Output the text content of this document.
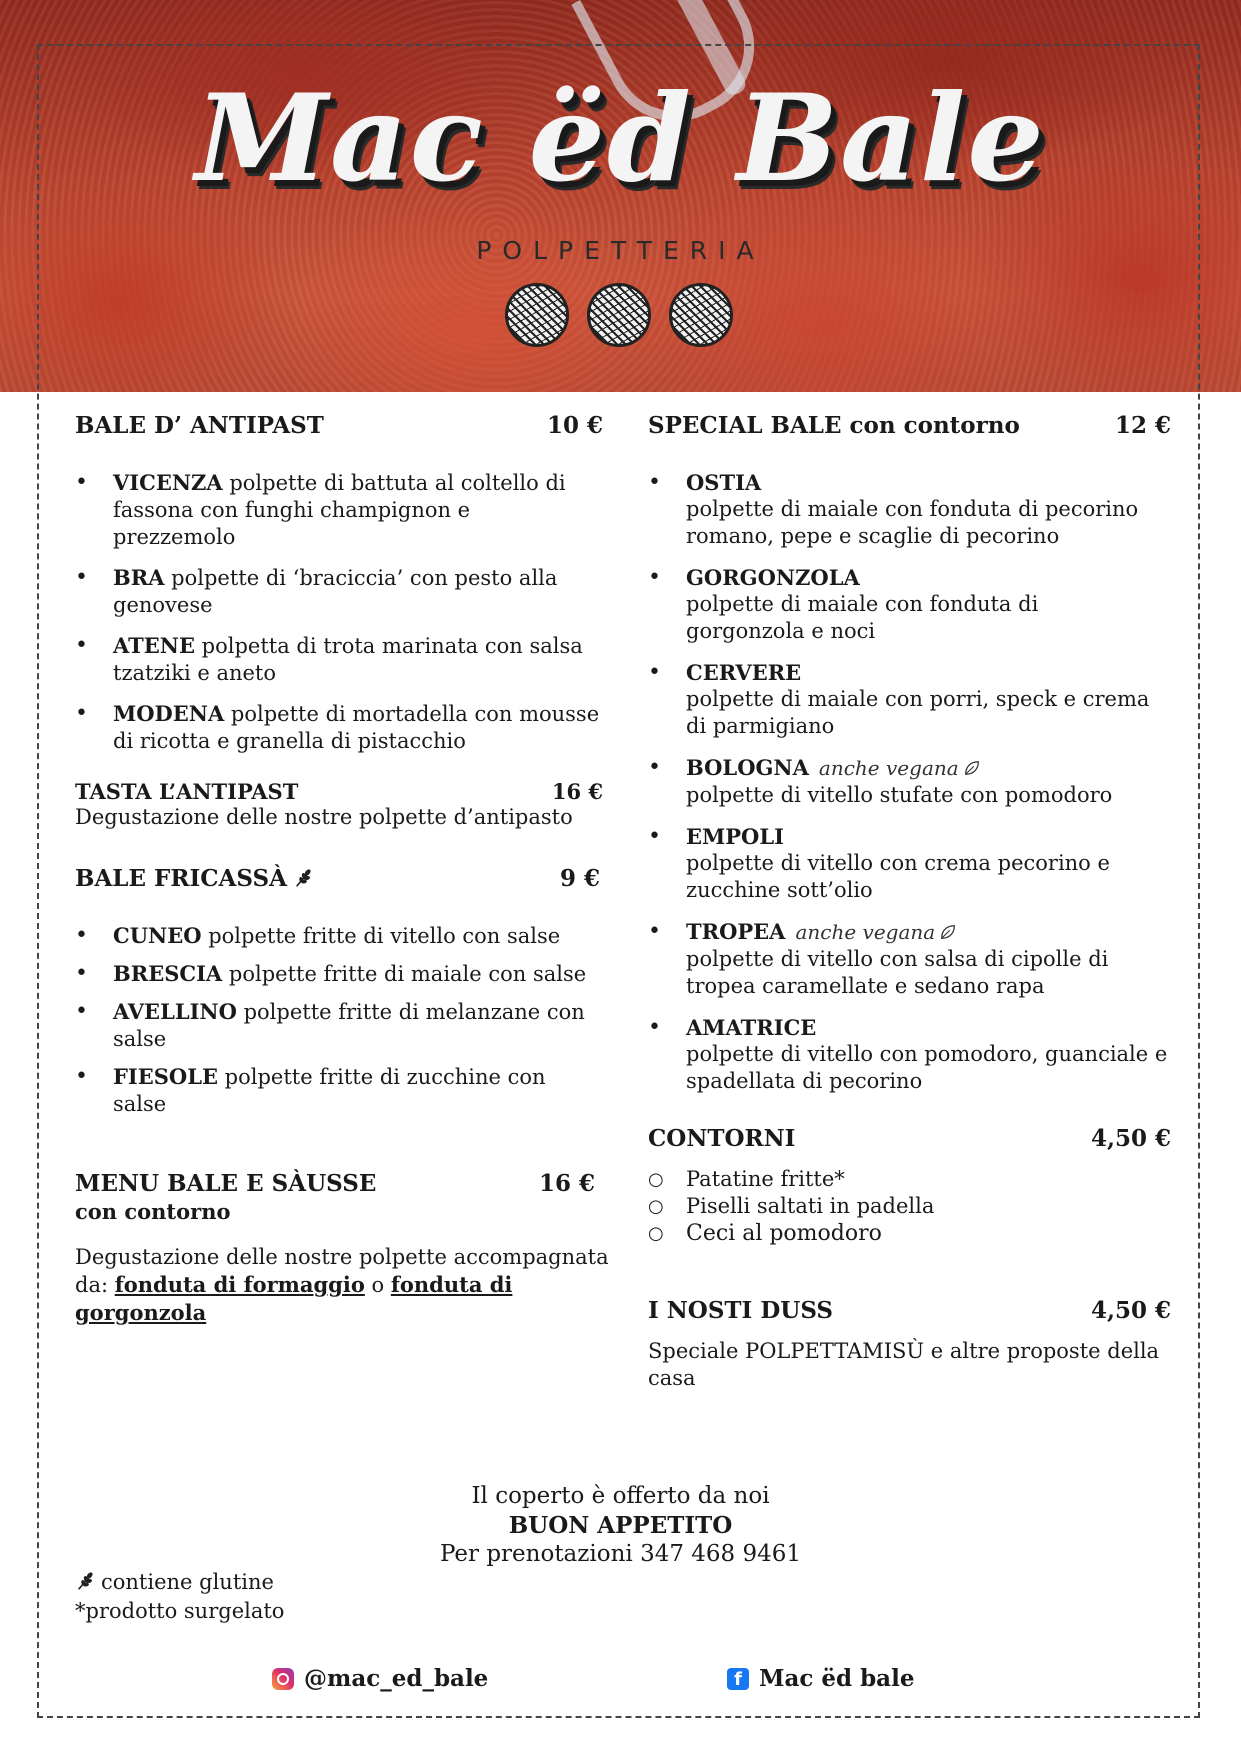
Mac ëd Bale
POLPETTERIA
BALE D’ ANTIPAST	10 €
• VICENZA polpette di battuta al coltello di fassona con funghi champignon e prezzemolo
• BRA polpette di ‘braciccia’ con pesto alla genovese
• ATENE polpetta di trota marinata con salsa tzatziki e aneto
• MODENA polpette di mortadella con mousse di ricotta e granella di pistacchio
TASTA L’ANTIPAST	16 €

Degustazione delle nostre polpette d’antipasto

BALE FRICASSÀ	9 €
• CUNEO polpette fritte di vitello con salse
• BRESCIA polpette fritte di maiale con salse
• AVELLINO polpette fritte di melanzane con salse
• FIESOLE polpette fritte di zucchine con salse
MENU BALE E SÀUSSE	16 €

con contorno

Degustazione delle nostre polpette accompagnata da: fonduta di formaggio o fonduta di gorgonzola

SPECIAL BALE con contorno	12 €
• OSTIA
polpette di maiale con fonduta di pecorino romano, pepe e scaglie di pecorino
• GORGONZOLA
polpette di maiale con fonduta di gorgonzola e noci
• CERVERE
polpette di maiale con porri, speck e crema di parmigiano
• BOLOGNA anche vegana
polpette di vitello stufate con pomodoro
• EMPOLI
polpette di vitello con crema pecorino e zucchine sott’olio
• TROPEA anche vegana
polpette di vitello con salsa di cipolle di tropea caramellate e sedano rapa
• AMATRICE
polpette di vitello con pomodoro, guanciale e spadellata di pecorino
CONTORNI	4,50 €
○ Patatine fritte*
○ Piselli saltati in padella
○ Ceci al pomodoro
I NOSTI DUSS	4,50 €

Speciale POLPETTAMISÙ e altre proposte della casa

Il coperto è offerto da noi
BUON APPETITO
Per prenotazioni 347 468 9461
contiene glutine
*prodotto surgelato
@mac_ed_bale	f Mac ëd bale
